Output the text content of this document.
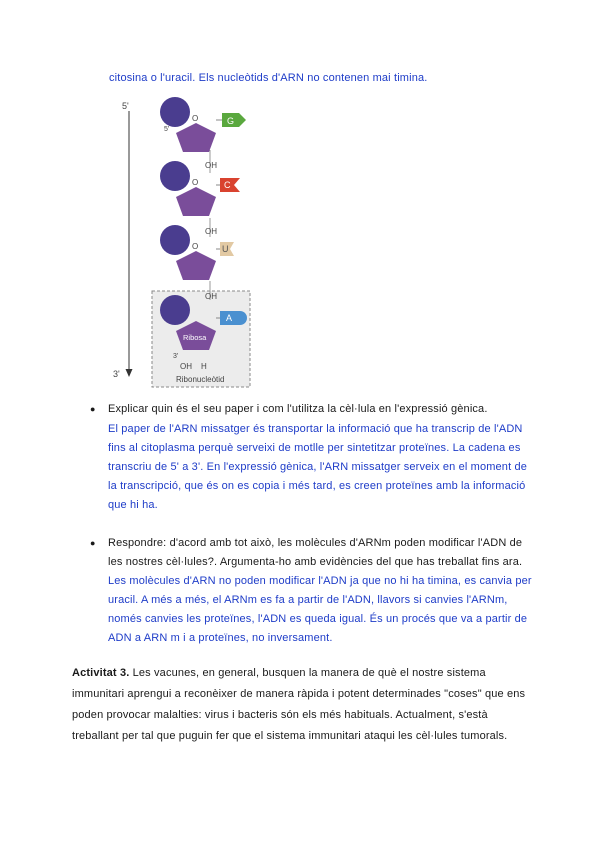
citosina o l'uracil. Els nucleòtids d'ARN no contenen mai timina.
5'
3'
G
O
5'
OH
C
O
OH
U
O
OH
A
Ribosa
3'
OH H
Ribonucleòtid
● Explicar quin és el seu paper i com l'utilitza la cèl·lula en l'expressió gènica.
El paper de l'ARN missatger és transportar la informació que ha transcrip de l'ADN
fins al citoplasma perquè serveixi de motlle per sintetitzar proteïnes. La cadena es
transcriu de 5' a 3'. En l'expressió gènica, l'ARN missatger serveix en el moment de
la transcripció, que és on es copia i més tard, es creen proteïnes amb la informació
que hi ha.
● Respondre: d'acord amb tot això, les molècules d'ARNm poden modificar l'ADN de
les nostres cèl·lules?. Argumenta-ho amb evidències del que has treballat fins ara.
Les molècules d'ARN no poden modificar l'ADN ja que no hi ha timina, es canvia per
uracil. A més a més, el ARNm es fa a partir de l'ADN, llavors si canvies l'ARNm,
només canvies les proteïnes, l'ADN es queda igual. És un procés que va a partir de
ADN a ARN m i a proteïnes, no inversament.
Activitat 3. Les vacunes, en general, busquen la manera de què el nostre sistema
immunitari aprengui a reconèixer de manera ràpida i potent determinades "coses" que ens
poden provocar malalties: virus i bacteris són els més habituals. Actualment, s'està
treballant per tal que puguin fer que el sistema immunitari ataqui les cèl·lules tumorals.
